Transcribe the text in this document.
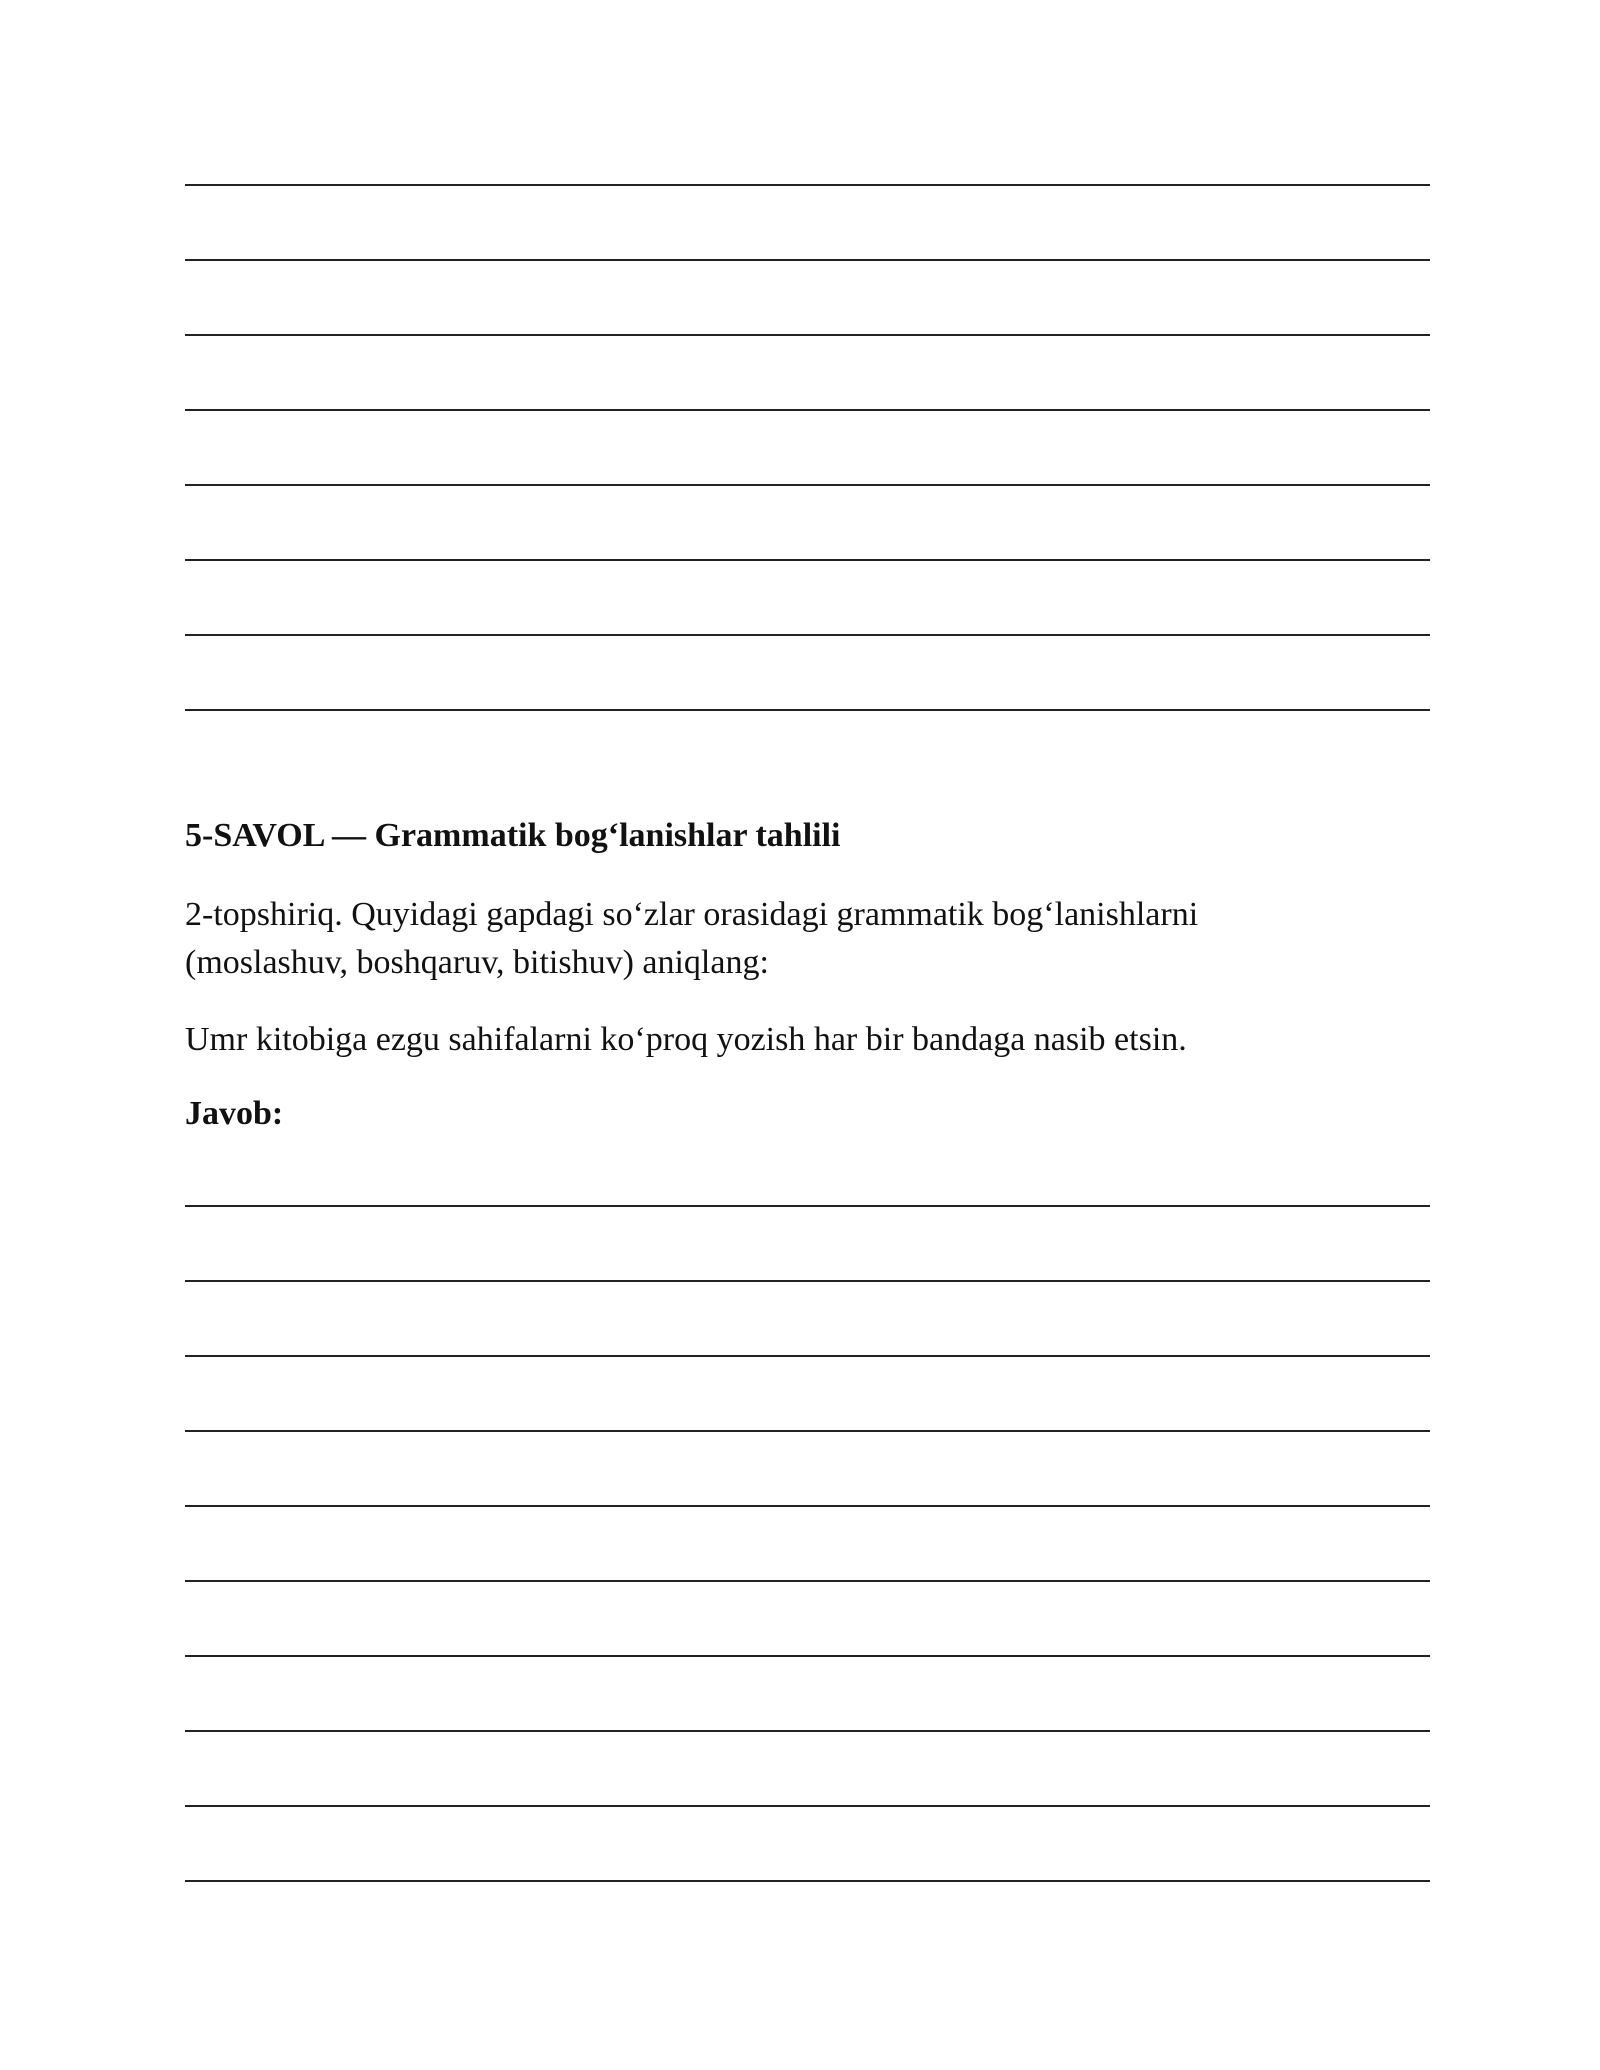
5-SAVOL — Grammatik bog‘lanishlar tahlili

2-topshiriq. Quyidagi gapdagi so‘zlar orasidagi grammatik bog‘lanishlarni
(moslashuv, boshqaruv, bitishuv) aniqlang:

Umr kitobiga ezgu sahifalarni ko‘proq yozish har bir bandaga nasib etsin.

Javob:
